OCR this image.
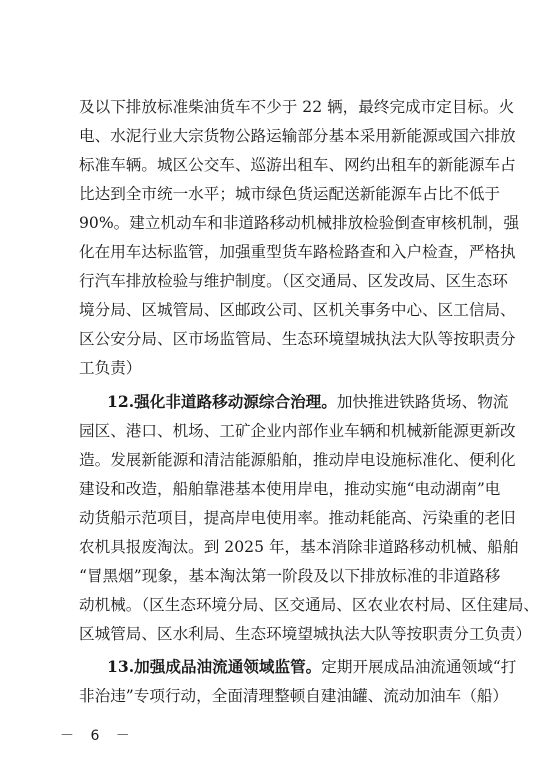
及以下排放标准柴油货车不少于 22 辆，最终完成市定目标。火
电、水泥行业大宗货物公路运输部分基本采用新能源或国六排放
标准车辆。城区公交车、巡游出租车、网约出租车的新能源车占
比达到全市统一水平；城市绿色货运配送新能源车占比不低于
90%。建立机动车和非道路移动机械排放检验倒查审核机制，强
化在用车达标监管，加强重型货车路检路查和入户检查，严格执
行汽车排放检验与维护制度。（区交通局、区发改局、区生态环
境分局、区城管局、区邮政公司、区机关事务中心、区工信局、
区公安分局、区市场监管局、生态环境望城执法大队等按职责分
工负责）
12.强化非道路移动源综合治理。加快推进铁路货场、物流
园区、港口、机场、工矿企业内部作业车辆和机械新能源更新改
造。发展新能源和清洁能源船舶，推动岸电设施标准化、便利化
建设和改造，船舶靠港基本使用岸电，推动实施“电动湖南”电
动货船示范项目，提高岸电使用率。推动耗能高、污染重的老旧
农机具报废淘汰。到 2025 年，基本消除非道路移动机械、船舶
“冒黑烟”现象，基本淘汰第一阶段及以下排放标准的非道路移
动机械。（区生态环境分局、区交通局、区农业农村局、区住建局、
区城管局、区水利局、生态环境望城执法大队等按职责分工负责）
13.加强成品油流通领域监管。定期开展成品油流通领域“打
非治违”专项行动，全面清理整顿自建油罐、流动加油车（船）
－ 6 －
